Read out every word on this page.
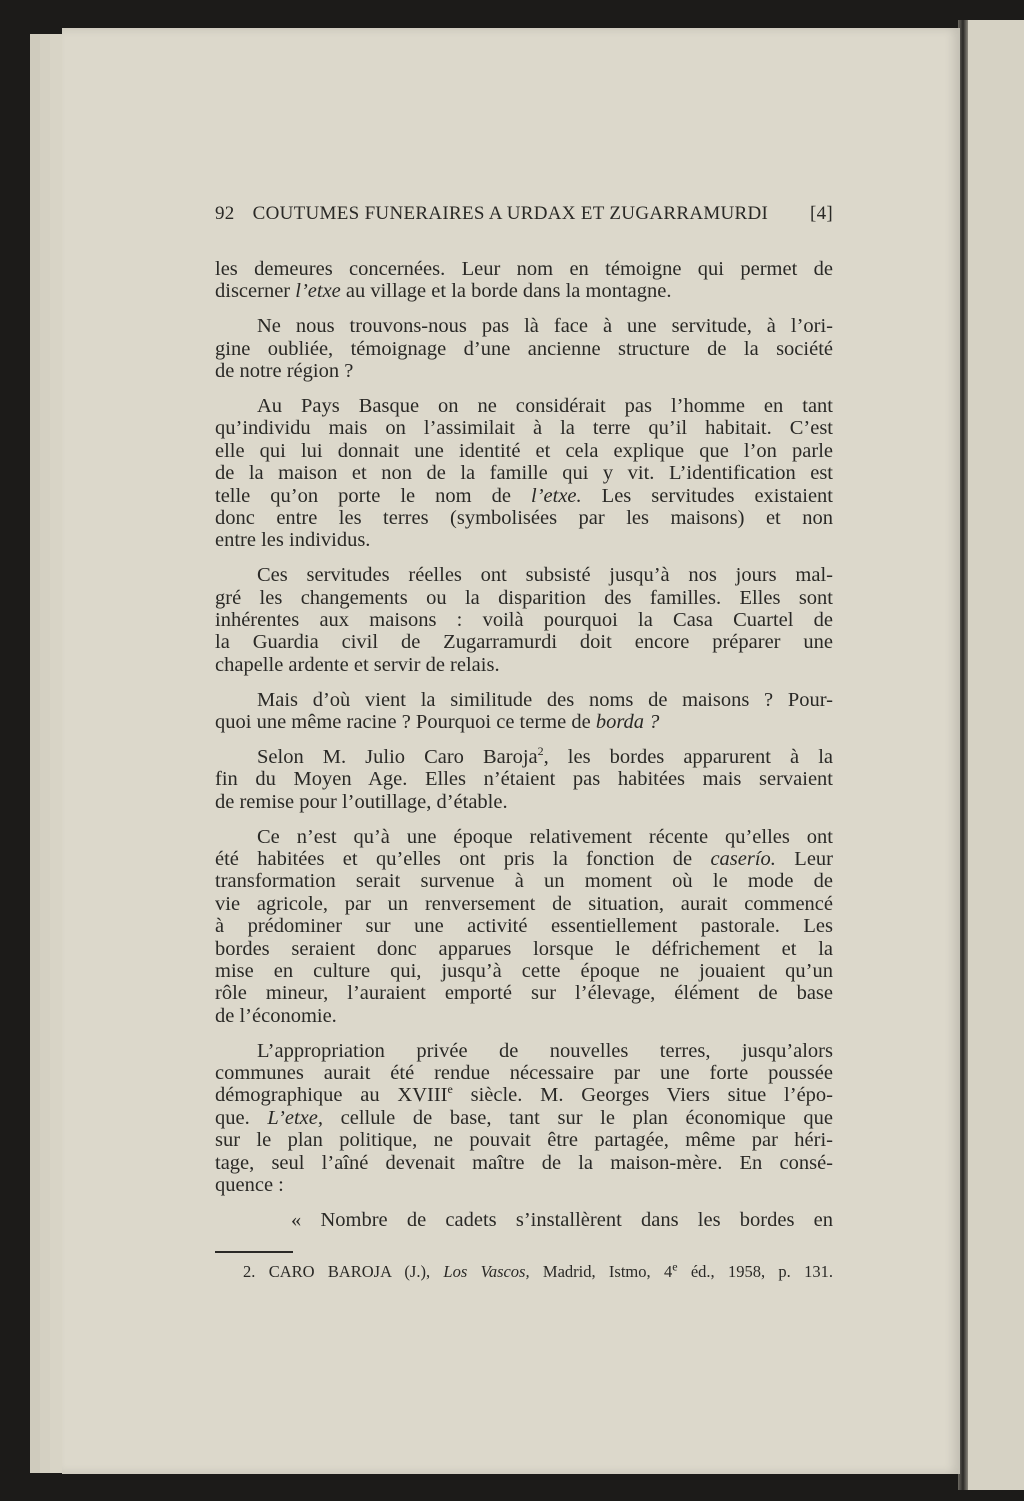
92 COUTUMES FUNERAIRES A URDAX ET ZUGARRAMURDI	[4]
les demeures concernées. Leur nom en témoigne qui permet de
discerner l’etxe au village et la borde dans la montagne.
Ne nous trouvons-nous pas là face à une servitude, à l’ori-
gine oubliée, témoignage d’une ancienne structure de la société
de notre région ?
Au Pays Basque on ne considérait pas l’homme en tant
qu’individu mais on l’assimilait à la terre qu’il habitait. C’est
elle qui lui donnait une identité et cela explique que l’on parle
de la maison et non de la famille qui y vit. L’identification est
telle qu’on porte le nom de l’etxe. Les servitudes existaient
donc entre les terres (symbolisées par les maisons) et non
entre les individus.
Ces servitudes réelles ont subsisté jusqu’à nos jours mal-
gré les changements ou la disparition des familles. Elles sont
inhérentes aux maisons : voilà pourquoi la Casa Cuartel de
la Guardia civil de Zugarramurdi doit encore préparer une
chapelle ardente et servir de relais.
Mais d’où vient la similitude des noms de maisons ? Pour-
quoi une même racine ? Pourquoi ce terme de borda ?
Selon M. Julio Caro Baroja$^2$, les bordes apparurent à la
fin du Moyen Age. Elles n’étaient pas habitées mais servaient
de remise pour l’outillage, d’étable.
Ce n’est qu’à une époque relativement récente qu’elles ont
été habitées et qu’elles ont pris la fonction de caserío. Leur
transformation serait survenue à un moment où le mode de
vie agricole, par un renversement de situation, aurait commencé
à prédominer sur une activité essentiellement pastorale. Les
bordes seraient donc apparues lorsque le défrichement et la
mise en culture qui, jusqu’à cette époque ne jouaient qu’un
rôle mineur, l’auraient emporté sur l’élevage, élément de base
de l’économie.
L’appropriation privée de nouvelles terres, jusqu’alors
communes aurait été rendue nécessaire par une forte poussée
démographique au XVIIIe siècle. M. Georges Viers situe l’épo-
que. L’etxe, cellule de base, tant sur le plan économique que
sur le plan politique, ne pouvait être partagée, même par héri-
tage, seul l’aîné devenait maître de la maison-mère. En consé-
quence :
« Nombre de cadets s’installèrent dans les bordes en
2. CARO BAROJA (J.), Los Vascos, Madrid, Istmo, 4e éd., 1958, p. 131.
